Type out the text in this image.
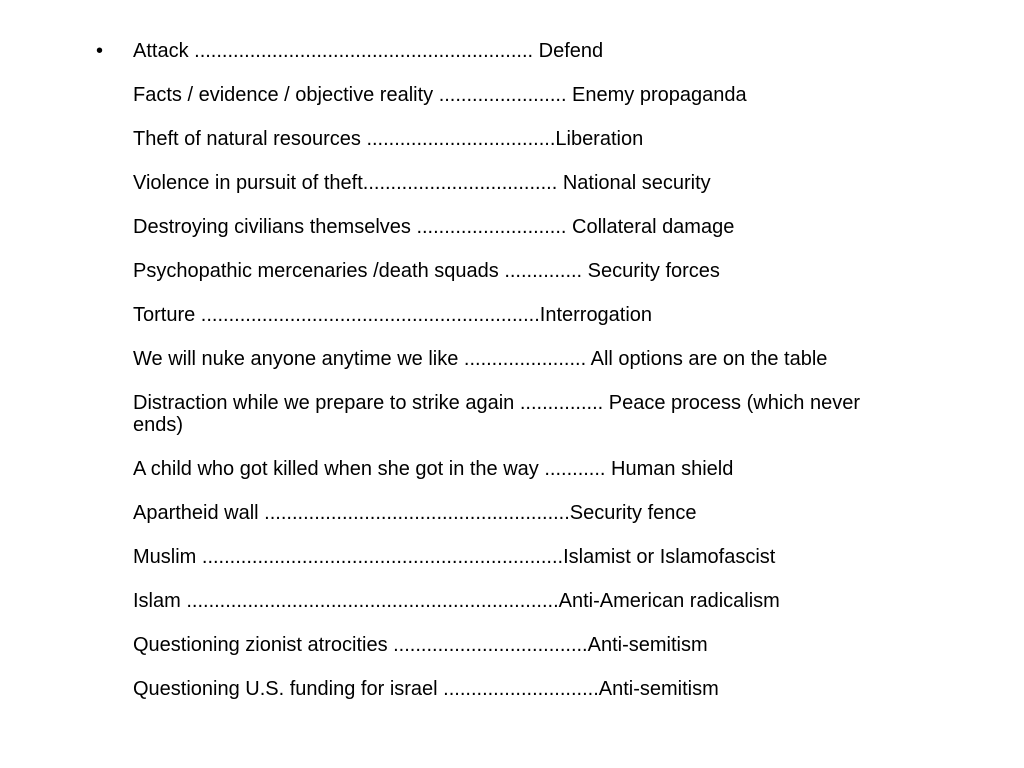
• Attack ............................................................. Defend
Facts / evidence / objective reality ....................... Enemy propaganda
Theft of natural resources ..................................Liberation
Violence in pursuit of theft................................... National security
Destroying civilians themselves ........................... Collateral damage
Psychopathic mercenaries /death squads .............. Security forces
Torture .............................................................Interrogation
We will nuke anyone anytime we like ...................... All options are on the table
Distraction while we prepare to strike again ............... Peace process (which never ends)
A child who got killed when she got in the way ........... Human shield
Apartheid wall .......................................................Security fence
Muslim .................................................................Islamist or Islamofascist
Islam ...................................................................Anti-American radicalism
Questioning zionist atrocities ...................................Anti-semitism
Questioning U.S. funding for israel ............................Anti-semitism
